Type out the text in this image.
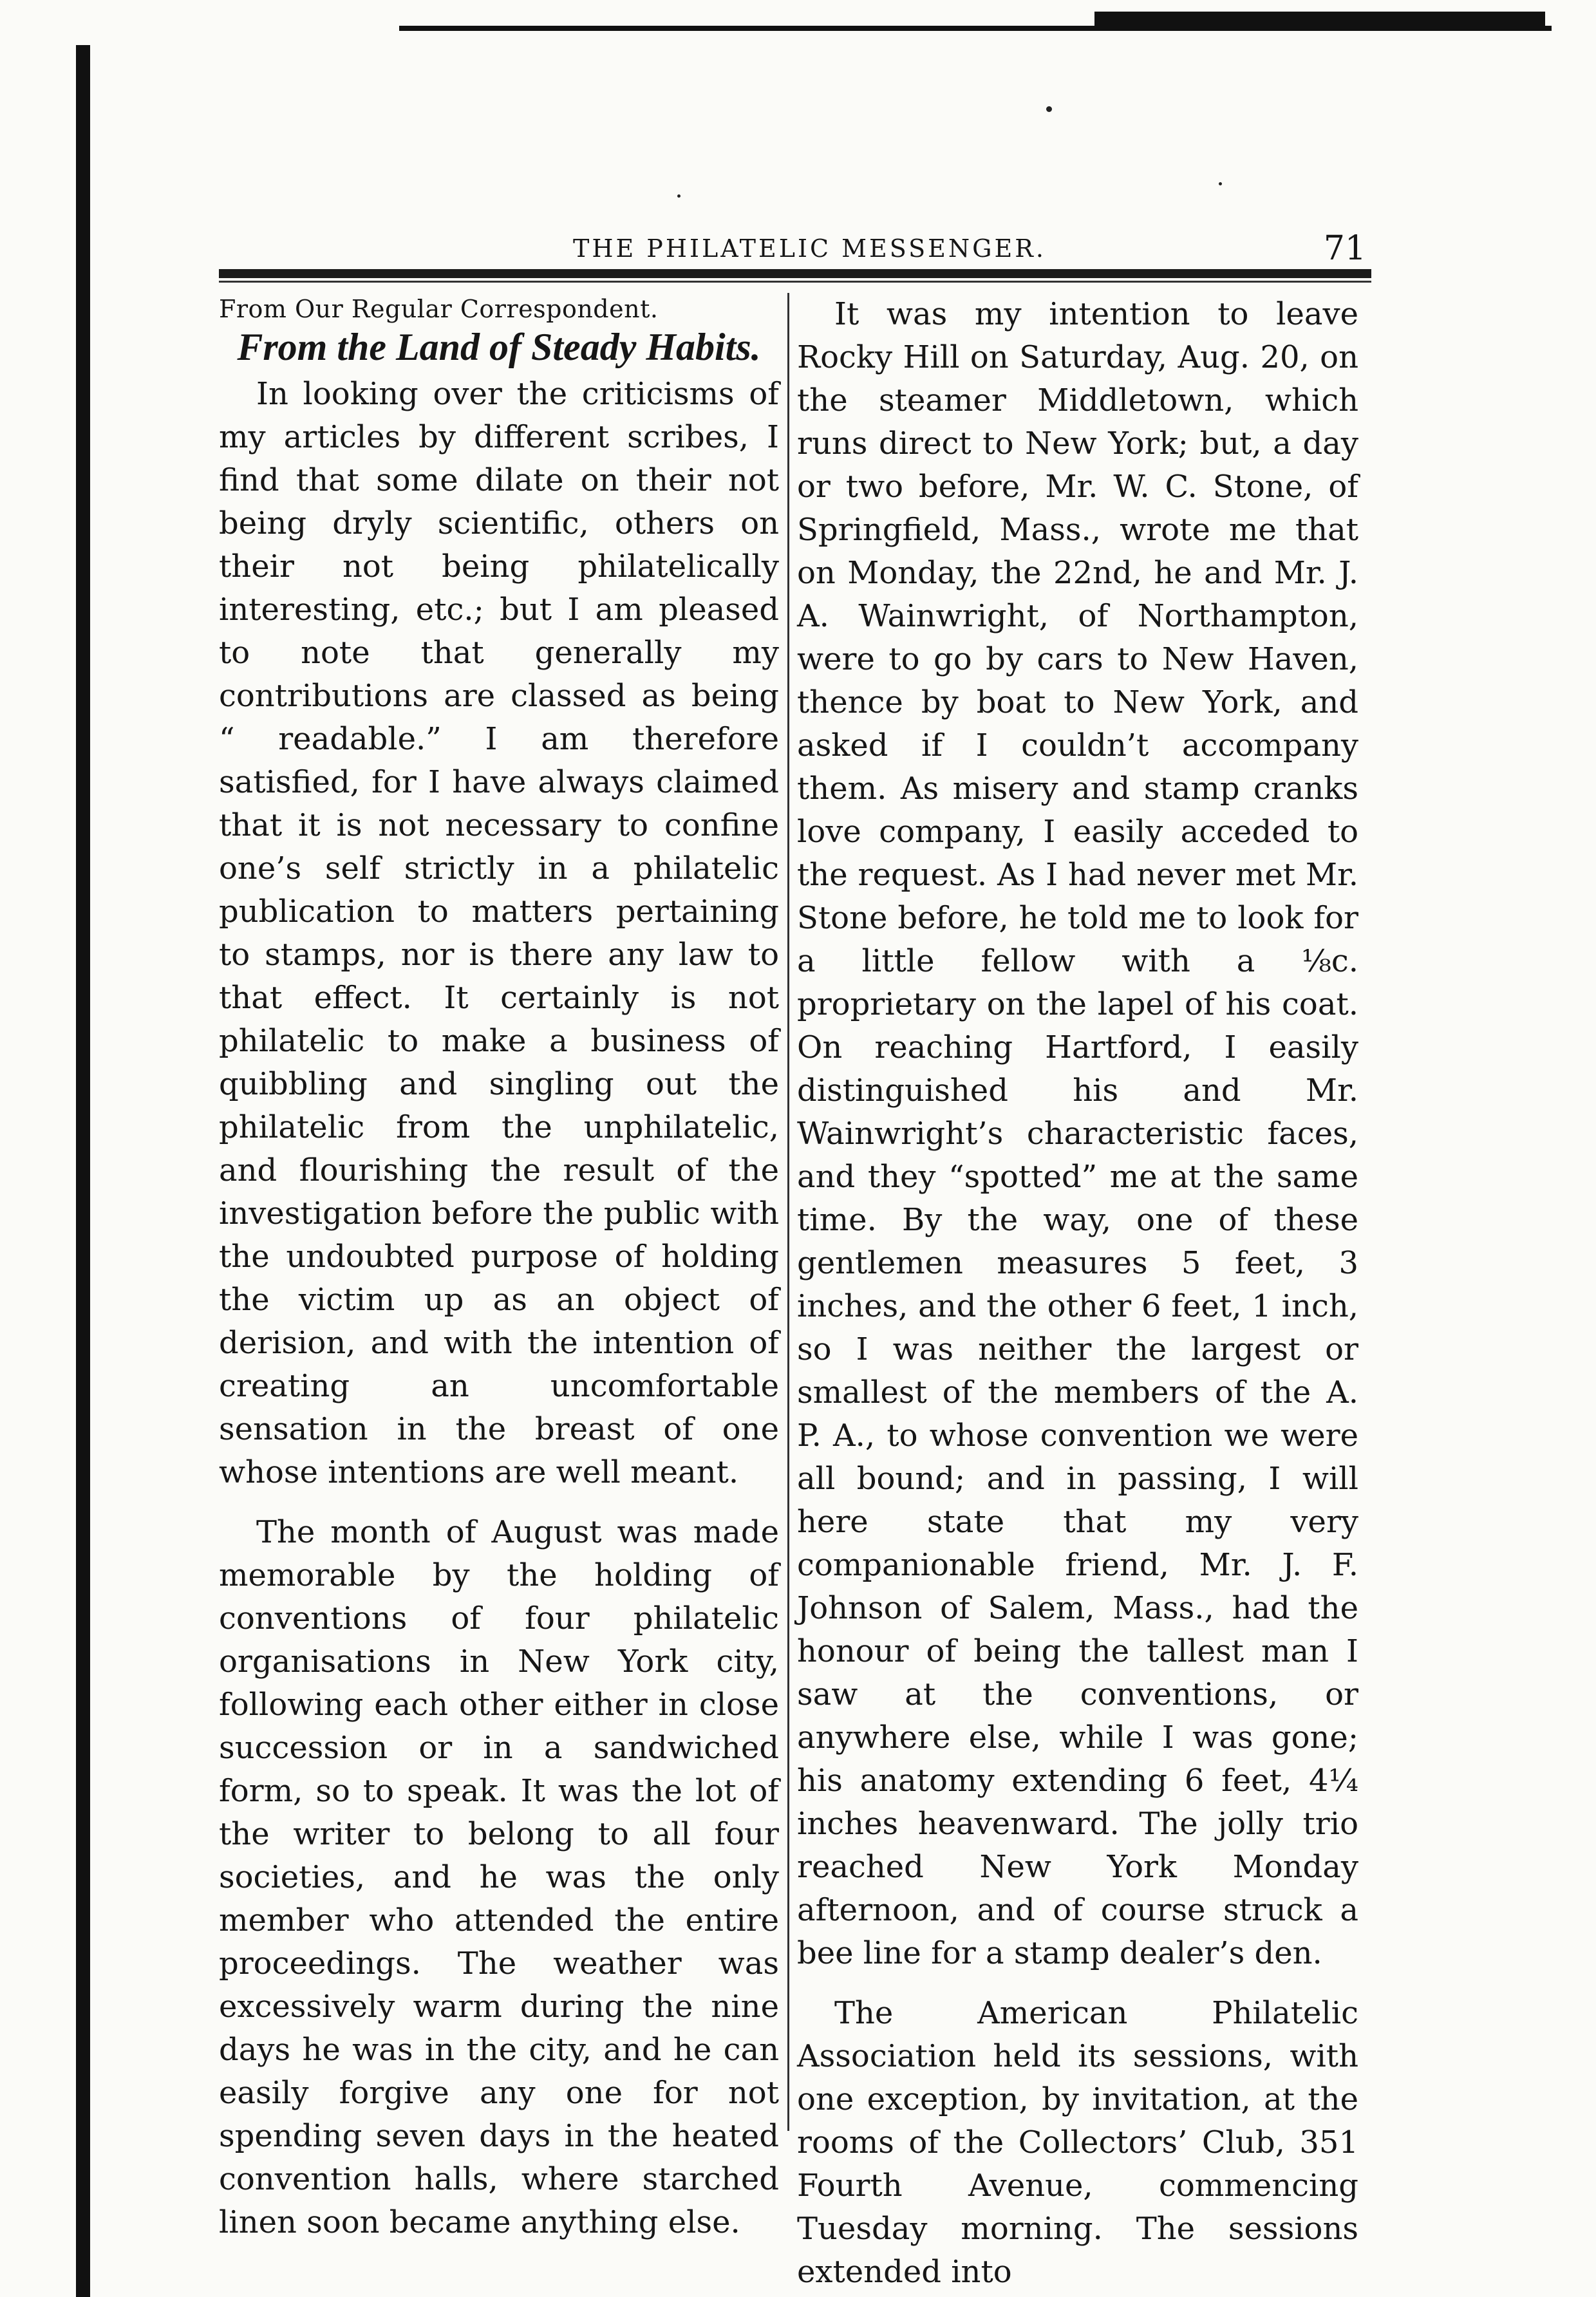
THE PHILATELIC MESSENGER.	71
From Our Regular Correspondent.
From the Land of Steady Habits.

In looking over the criticisms of my articles by different scribes, I find that some dilate on their not being dryly scientific, others on their not being philatelically interesting, etc.; but I am pleased to note that generally my contributions are classed as being “ readable.” I am therefore satisfied, for I have always claimed that it is not necessary to confine one’s self strictly in a philatelic publication to matters pertaining to stamps, nor is there any law to that effect. It certainly is not philatelic to make a business of quibbling and singling out the philatelic from the unphilatelic, and flourishing the result of the investigation before the public with the undoubted purpose of holding the victim up as an object of derision, and with the intention of creating an uncomfortable sensation in the breast of one whose intentions are well meant.

The month of August was made memorable by the holding of conventions of four philatelic organisations in New York city, following each other either in close succession or in a sandwiched form, so to speak. It was the lot of the writer to belong to all four societies, and he was the only member who attended the entire proceedings. The weather was excessively warm during the nine days he was in the city, and he can easily forgive any one for not spending seven days in the heated convention halls, where starched linen soon became anything else.

It was my intention to leave Rocky Hill on Saturday, Aug. 20, on the steamer Middletown, which runs direct to New York; but, a day or two before, Mr. W. C. Stone, of Springfield, Mass., wrote me that on Monday, the 22nd, he and Mr. J. A. Wainwright, of Northampton, were to go by cars to New Haven, thence by boat to New York, and asked if I couldn’t accompany them. As misery and stamp cranks love company, I easily acceded to the request. As I had never met Mr. Stone before, he told me to look for a little fellow with a ⅛c. proprietary on the lapel of his coat. On reaching Hartford, I easily distinguished his and Mr. Wainwright’s characteristic faces, and they “spotted” me at the same time. By the way, one of these gentlemen measures 5 feet, 3 inches, and the other 6 feet, 1 inch, so I was neither the largest or smallest of the members of the A. P. A., to whose convention we were all bound; and in passing, I will here state that my very companionable friend, Mr. J. F. Johnson of Salem, Mass., had the honour of being the tallest man I saw at the conventions, or anywhere else, while I was gone; his anatomy extending 6 feet, 4¼ inches heavenward. The jolly trio reached New York Monday afternoon, and of course struck a bee line for a stamp dealer’s den.

The American Philatelic Association held its sessions, with one exception, by invitation, at the rooms of the Collectors’ Club, 351 Fourth Avenue, commencing Tuesday morning. The sessions extended into
